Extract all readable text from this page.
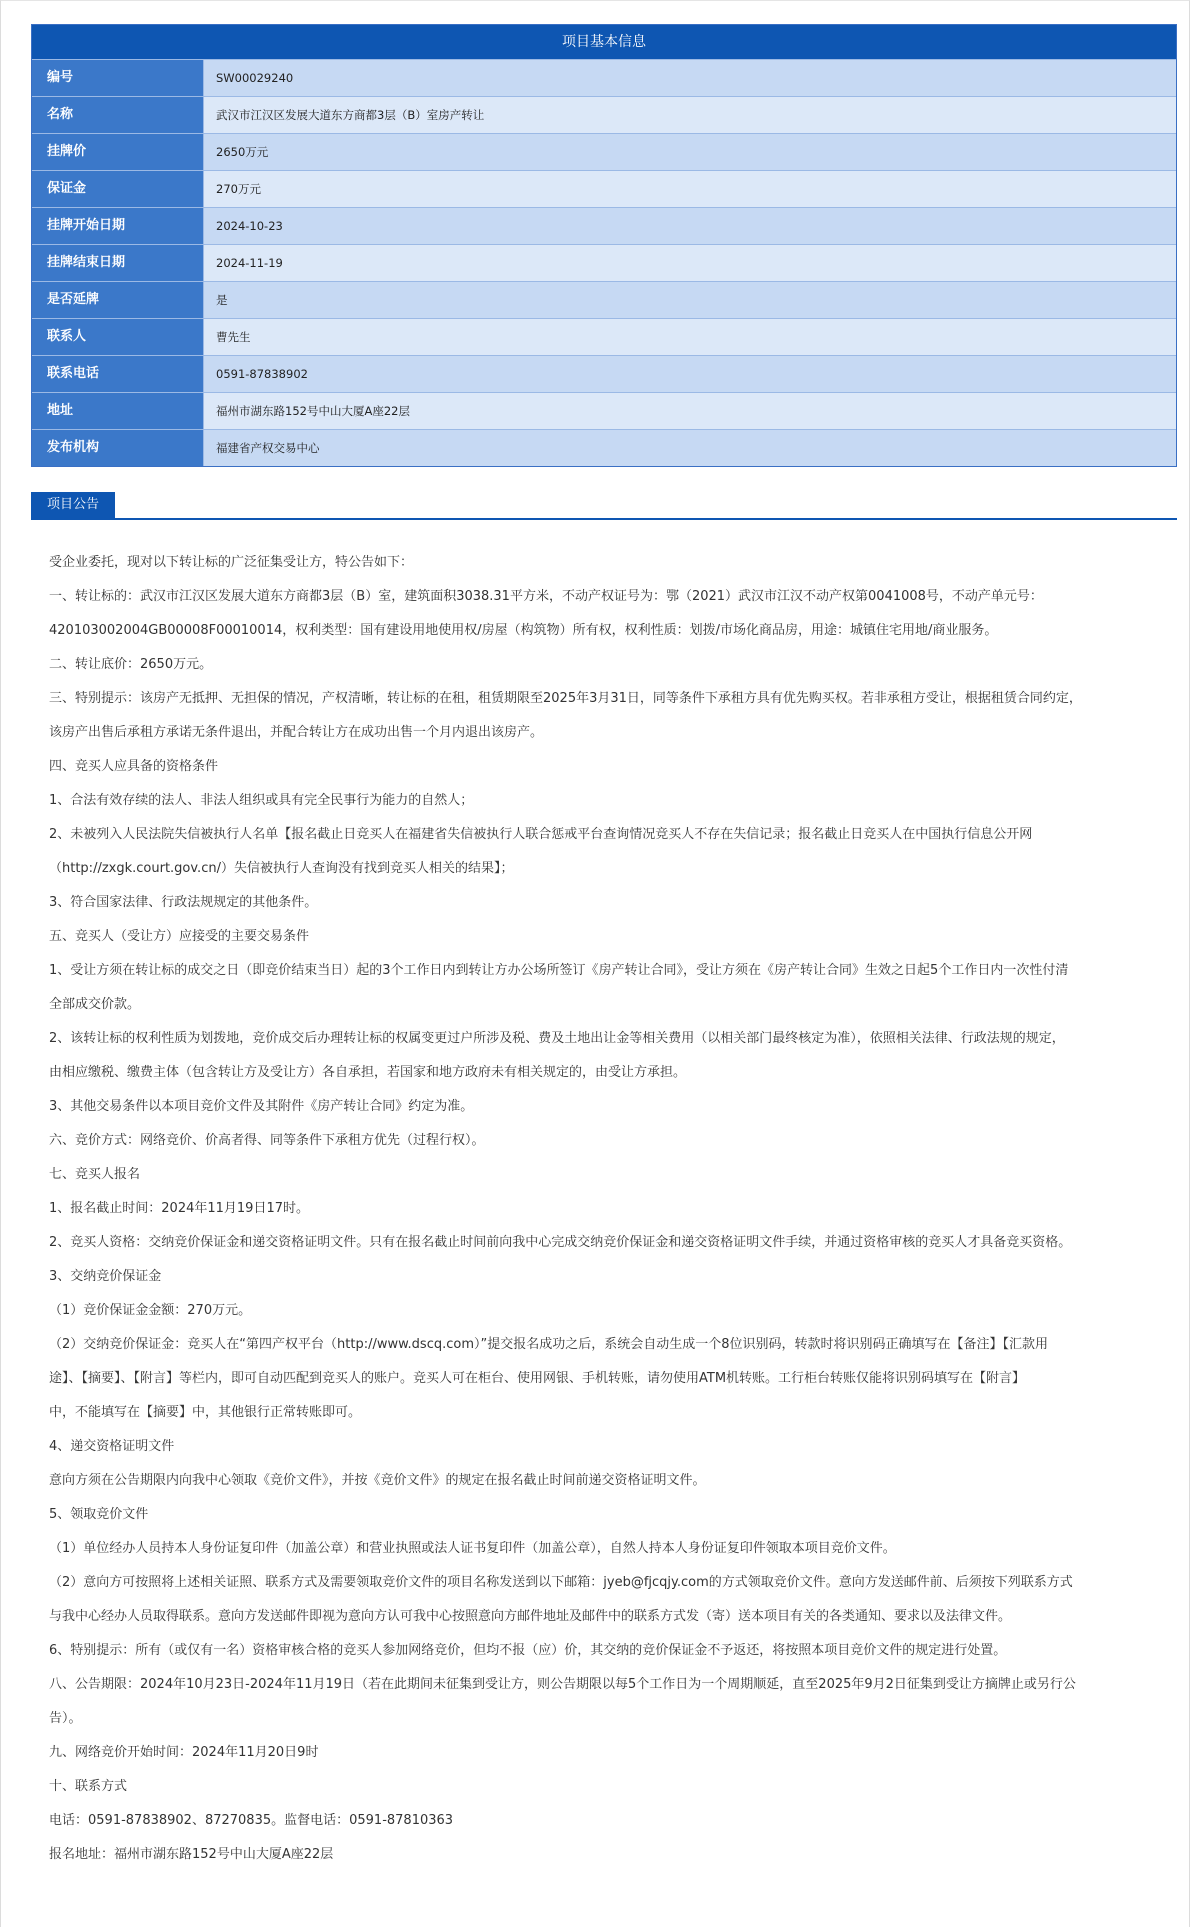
项目基本信息
编号	SW00029240
名称	武汉市江汉区发展大道东方商都3层（B）室房产转让
挂牌价	2650万元
保证金	270万元
挂牌开始日期	2024-10-23
挂牌结束日期	2024-11-19
是否延牌	是
联系人	曹先生
联系电话	0591-87838902
地址	福州市湖东路152号中山大厦A座22层
发布机构	福建省产权交易中心
项目公告

受企业委托，现对以下转让标的广泛征集受让方，特公告如下：

一、转让标的：武汉市江汉区发展大道东方商都3层（B）室，建筑面积3038.31平方米，不动产权证号为：鄂（2021）武汉市江汉不动产权第0041008号，不动产单元号：

420103002004GB00008F00010014，权利类型：国有建设用地使用权/房屋（构筑物）所有权，权利性质：划拨/市场化商品房，用途：城镇住宅用地/商业服务。

二、转让底价：2650万元。

三、特别提示：该房产无抵押、无担保的情况，产权清晰，转让标的在租，租赁期限至2025年3月31日，同等条件下承租方具有优先购买权。若非承租方受让，根据租赁合同约定，

该房产出售后承租方承诺无条件退出，并配合转让方在成功出售一个月内退出该房产。

四、竞买人应具备的资格条件

1、合法有效存续的法人、非法人组织或具有完全民事行为能力的自然人；

2、未被列入人民法院失信被执行人名单【报名截止日竞买人在福建省失信被执行人联合惩戒平台查询情况竞买人不存在失信记录；报名截止日竞买人在中国执行信息公开网

（http://zxgk.court.gov.cn/）失信被执行人查询没有找到竞买人相关的结果】；

3、符合国家法律、行政法规规定的其他条件。

五、竞买人（受让方）应接受的主要交易条件

1、受让方须在转让标的成交之日（即竞价结束当日）起的3个工作日内到转让方办公场所签订《房产转让合同》，受让方须在《房产转让合同》生效之日起5个工作日内一次性付清

全部成交价款。

2、该转让标的权利性质为划拨地，竞价成交后办理转让标的权属变更过户所涉及税、费及土地出让金等相关费用（以相关部门最终核定为准），依照相关法律、行政法规的规定，

由相应缴税、缴费主体（包含转让方及受让方）各自承担，若国家和地方政府未有相关规定的，由受让方承担。

3、其他交易条件以本项目竞价文件及其附件《房产转让合同》约定为准。

六、竞价方式：网络竞价、价高者得、同等条件下承租方优先（过程行权）。

七、竞买人报名

1、报名截止时间：2024年11月19日17时。

2、竞买人资格：交纳竞价保证金和递交资格证明文件。只有在报名截止时间前向我中心完成交纳竞价保证金和递交资格证明文件手续，并通过资格审核的竞买人才具备竞买资格。

3、交纳竞价保证金

（1）竞价保证金金额：270万元。

（2）交纳竞价保证金：竞买人在“第四产权平台（http://www.dscq.com）”提交报名成功之后，系统会自动生成一个8位识别码，转款时将识别码正确填写在【备注】【汇款用

途】、【摘要】、【附言】等栏内，即可自动匹配到竞买人的账户。竞买人可在柜台、使用网银、手机转账，请勿使用ATM机转账。工行柜台转账仅能将识别码填写在【附言】

中，不能填写在【摘要】中，其他银行正常转账即可。

4、递交资格证明文件

意向方须在公告期限内向我中心领取《竞价文件》，并按《竞价文件》的规定在报名截止时间前递交资格证明文件。

5、领取竞价文件

（1）单位经办人员持本人身份证复印件（加盖公章）和营业执照或法人证书复印件（加盖公章），自然人持本人身份证复印件领取本项目竞价文件。

（2）意向方可按照将上述相关证照、联系方式及需要领取竞价文件的项目名称发送到以下邮箱：jyeb@fjcqjy.com的方式领取竞价文件。意向方发送邮件前、后须按下列联系方式

与我中心经办人员取得联系。意向方发送邮件即视为意向方认可我中心按照意向方邮件地址及邮件中的联系方式发（寄）送本项目有关的各类通知、要求以及法律文件。

6、特别提示：所有（或仅有一名）资格审核合格的竞买人参加网络竞价，但均不报（应）价，其交纳的竞价保证金不予返还，将按照本项目竞价文件的规定进行处置。

八、公告期限：2024年10月23日-2024年11月19日（若在此期间未征集到受让方，则公告期限以每5个工作日为一个周期顺延，直至2025年9月2日征集到受让方摘牌止或另行公

告）。

九、网络竞价开始时间：2024年11月20日9时

十、联系方式

电话：0591-87838902、87270835。监督电话：0591-87810363

报名地址：福州市湖东路152号中山大厦A座22层
